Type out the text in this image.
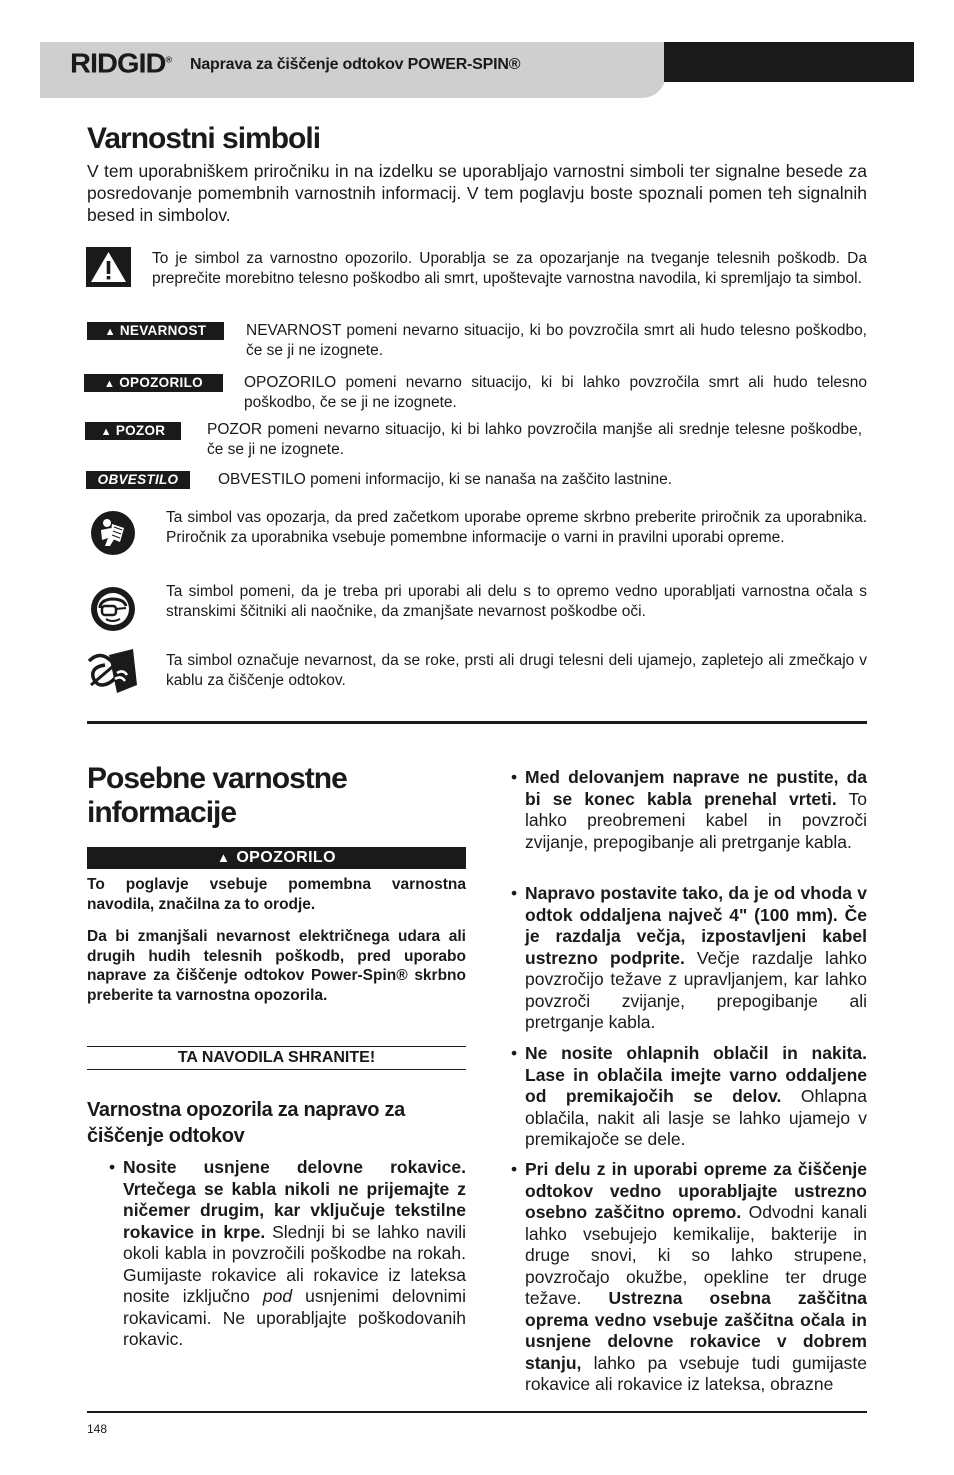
RIDGID® Naprava za čiščenje odtokov POWER-SPIN®
Varnostni simboli
V tem uporabniškem priročniku in na izdelku se uporabljajo varnostni simboli ter signalne besede za posredovanje pomembnih varnostnih informacij. V tem poglavju boste spoznali pomen teh signalnih besed in simbolov.
To je simbol za varnostno opozorilo. Uporablja se za opozarjanje na tveganje telesnih poškodb. Da preprečite morebitno telesno poškodbo ali smrt, upoštevajte varnostna navodila, ki spremljajo ta simbol.
▲ NEVARNOST	NEVARNOST pomeni nevarno situacijo, ki bo povzročila smrt ali hudo telesno poškodbo, če se ji ne izognete.
▲ OPOZORILO	OPOZORILO pomeni nevarno situacijo, ki bi lahko povzročila smrt ali hudo telesno poškodbo, če se ji ne izognete.
▲ POZOR	POZOR pomeni nevarno situacijo, ki bi lahko povzročila manjše ali srednje telesne poškodbe, če se ji ne izognete.
OBVESTILO	OBVESTILO pomeni informacijo, ki se nanaša na zaščito lastnine.
Ta simbol vas opozarja, da pred začetkom uporabe opreme skrbno preberite priročnik za uporabnika. Priročnik za uporabnika vsebuje pomembne informacije o varni in pravilni uporabi opreme.
Ta simbol pomeni, da je treba pri uporabi ali delu s to opremo vedno uporabljati varnostna očala s stranskimi ščitniki ali naočnike, da zmanjšate nevarnost poškodbe oči.
Ta simbol označuje nevarnost, da se roke, prsti ali drugi telesni deli ujamejo, zapletejo ali zmečkajo v kablu za čiščenje odtokov.
Posebne varnostne
informacije
▲ OPOZORILO
To poglavje vsebuje pomembna varnostna navodila, značilna za to orodje.
Da bi zmanjšali nevarnost električnega udara ali drugih hudih telesnih poškodb, pred uporabo naprave za čiščenje odtokov Power-Spin® skrbno preberite ta varnostna opozorila.
TA NAVODILA SHRANITE!
Varnostna opozorila za napravo za čiščenje odtokov
• Nosite usnjene delovne rokavice. Vrtečega se kabla nikoli ne prijemajte z ničemer drugim, kar vključuje tekstilne rokavice in krpe. Slednji bi se lahko navili okoli kabla in povzročili poškodbe na rokah. Gumijaste rokavice ali rokavice iz lateksa nosite izključno pod usnjenimi delovnimi rokavicami. Ne uporabljajte poškodovanih rokavic.
• Med delovanjem naprave ne pustite, da bi se konec kabla prenehal vrteti. To lahko preobremeni kabel in povzroči zvijanje, prepogibanje ali pretrganje kabla.
• Napravo postavite tako, da je od vhoda v odtok oddaljena največ 4" (100 mm). Če je razdalja večja, izpostavljeni kabel ustrezno podprite. Večje razdalje lahko povzročijo težave z upravljanjem, kar lahko povzroči zvijanje, prepogibanje ali pretrganje kabla.
• Ne nosite ohlapnih oblačil in nakita. Lase in oblačila imejte varno oddaljene od premikajočih se delov. Ohlapna oblačila, nakit ali lasje se lahko ujamejo v premikajoče se dele.
• Pri delu z in uporabi opreme za čiščenje odtokov vedno uporabljajte ustrezno osebno zaščitno opremo. Odvodni kanali lahko vsebujejo kemikalije, bakterije in druge snovi, ki so lahko strupene, povzročajo okužbe, opekline ter druge težave. Ustrezna osebna zaščitna oprema vedno vsebuje zaščitna očala in usnjene delovne rokavice v dobrem stanju, lahko pa vsebuje tudi gumijaste rokavice ali rokavice iz lateksa, obrazne
148
